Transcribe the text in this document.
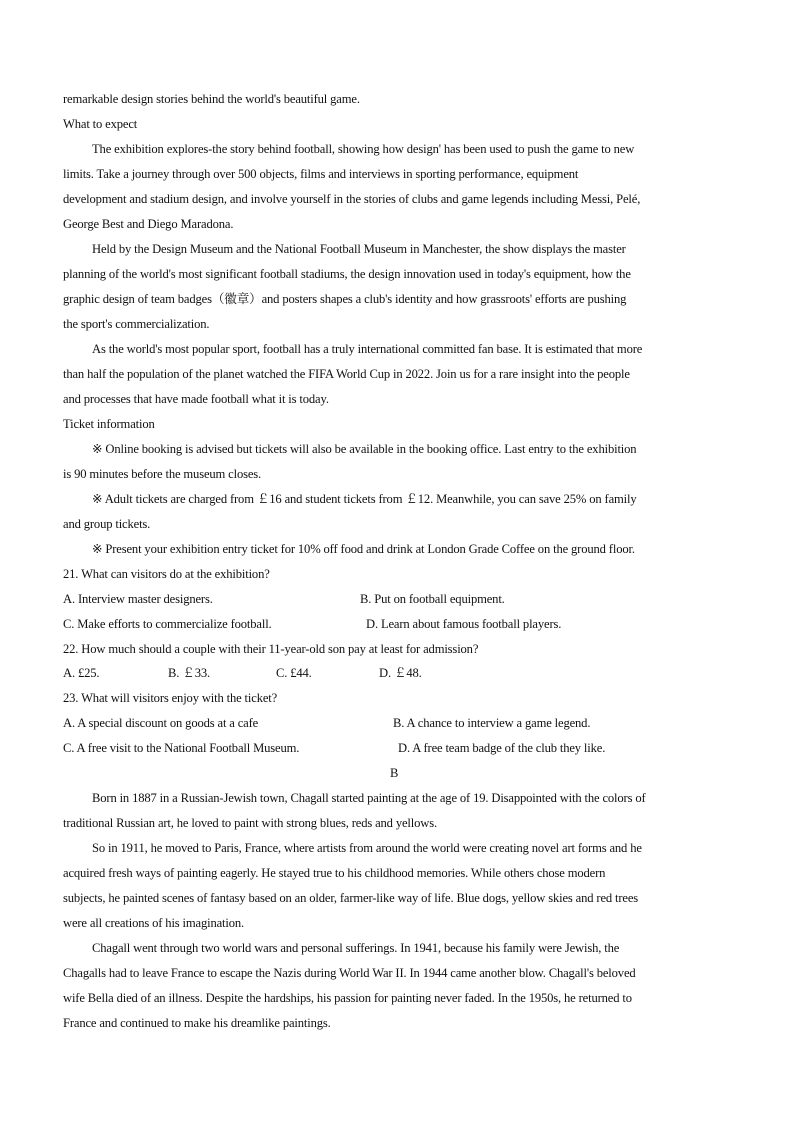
remarkable design stories behind the world's beautiful game.
What to expect
The exhibition explores-the story behind football, showing how design' has been used to push the game to new
limits. Take a journey through over 500 objects, films and interviews in sporting performance, equipment
development and stadium design, and involve yourself in the stories of clubs and game legends including Messi, Pelé,
George Best and Diego Maradona.
Held by the Design Museum and the National Football Museum in Manchester, the show displays the master
planning of the world's most significant football stadiums, the design innovation used in today's equipment, how the
graphic design of team badges（徽章）and posters shapes a club's identity and how grassroots' efforts are pushing
the sport's commercialization.
As the world's most popular sport, football has a truly international committed fan base. It is estimated that more
than half the population of the planet watched the FIFA World Cup in 2022. Join us for a rare insight into the people
and processes that have made football what it is today.
Ticket information
※ Online booking is advised but tickets will also be available in the booking office. Last entry to the exhibition
is 90 minutes before the museum closes.
※ Adult tickets are charged from ￡16 and student tickets from ￡12. Meanwhile, you can save 25% on family
and group tickets.
※ Present your exhibition entry ticket for 10% off food and drink at London Grade Coffee on the ground floor.
21. What can visitors do at the exhibition?
A. Interview master designers.	B. Put on football equipment.
C. Make efforts to commercialize football.	D. Learn about famous football players.
22. How much should a couple with their 11-year-old son pay at least for admission?
A. £25.	B. ￡33.	C. £44.	D. ￡48.
23. What will visitors enjoy with the ticket?
A. A special discount on goods at a cafe	B. A chance to interview a game legend.
C. A free visit to the National Football Museum.	D. A free team badge of the club they like.
B
Born in 1887 in a Russian-Jewish town, Chagall started painting at the age of 19. Disappointed with the colors of
traditional Russian art, he loved to paint with strong blues, reds and yellows.
So in 1911, he moved to Paris, France, where artists from around the world were creating novel art forms and he
acquired fresh ways of painting eagerly. He stayed true to his childhood memories. While others chose modern
subjects, he painted scenes of fantasy based on an older, farmer-like way of life. Blue dogs, yellow skies and red trees
were all creations of his imagination.
Chagall went through two world wars and personal sufferings. In 1941, because his family were Jewish, the
Chagalls had to leave France to escape the Nazis during World War II. In 1944 came another blow. Chagall's beloved
wife Bella died of an illness. Despite the hardships, his passion for painting never faded. In the 1950s, he returned to
France and continued to make his dreamlike paintings.
